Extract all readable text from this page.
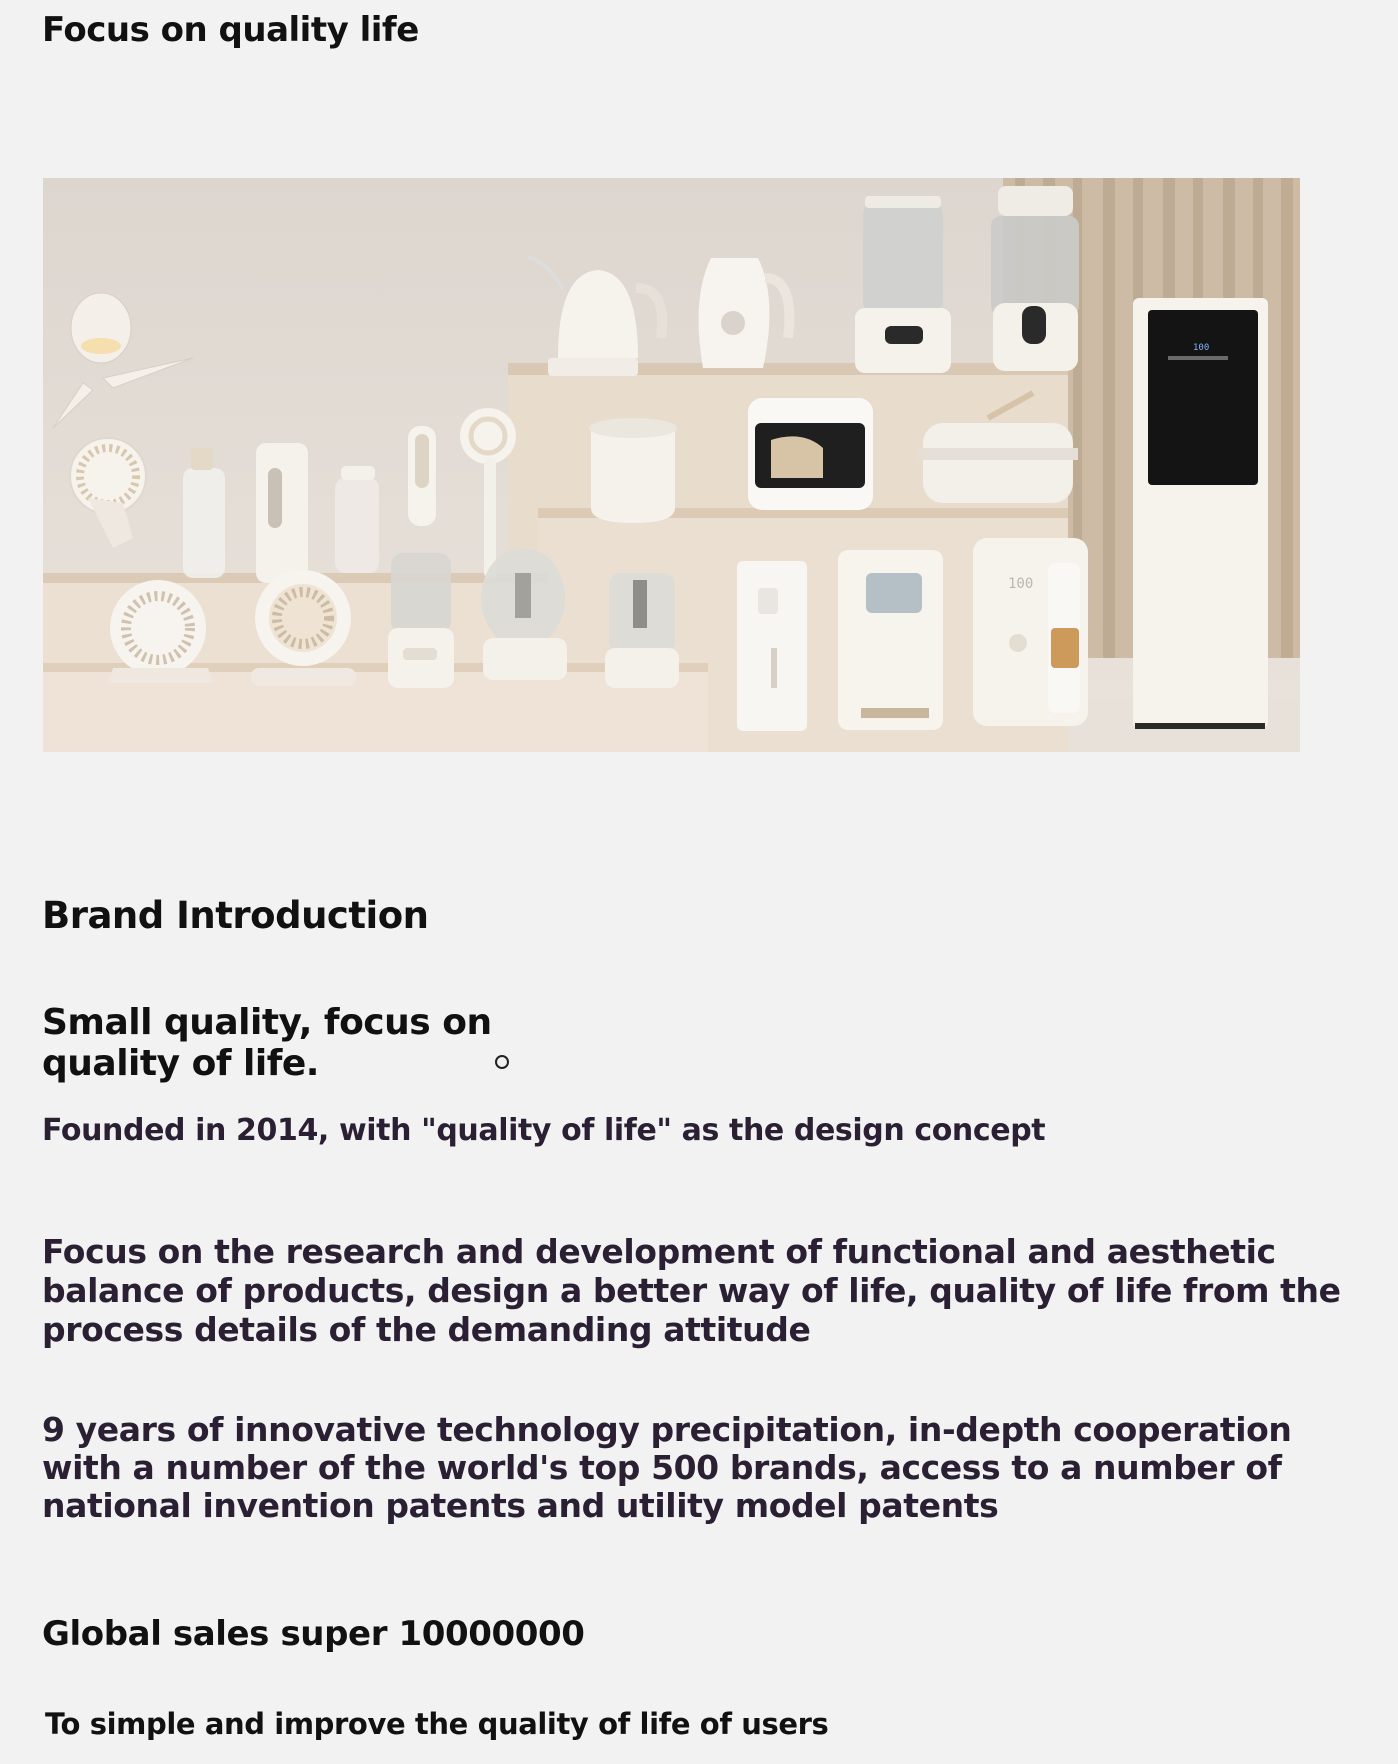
Focus on quality life
100
100
Brand Introduction
Small quality, focus on
quality of life.

Founded in 2014, with "quality of life" as the design concept

Focus on the research and development of functional and aesthetic balance of products, design a better way of life, quality of life from the process details of the demanding attitude

9 years of innovative technology precipitation, in-depth cooperation with a number of the world's top 500 brands, access to a number of national invention patents and utility model patents

Global sales super 10000000

To simple and improve the quality of life of users
